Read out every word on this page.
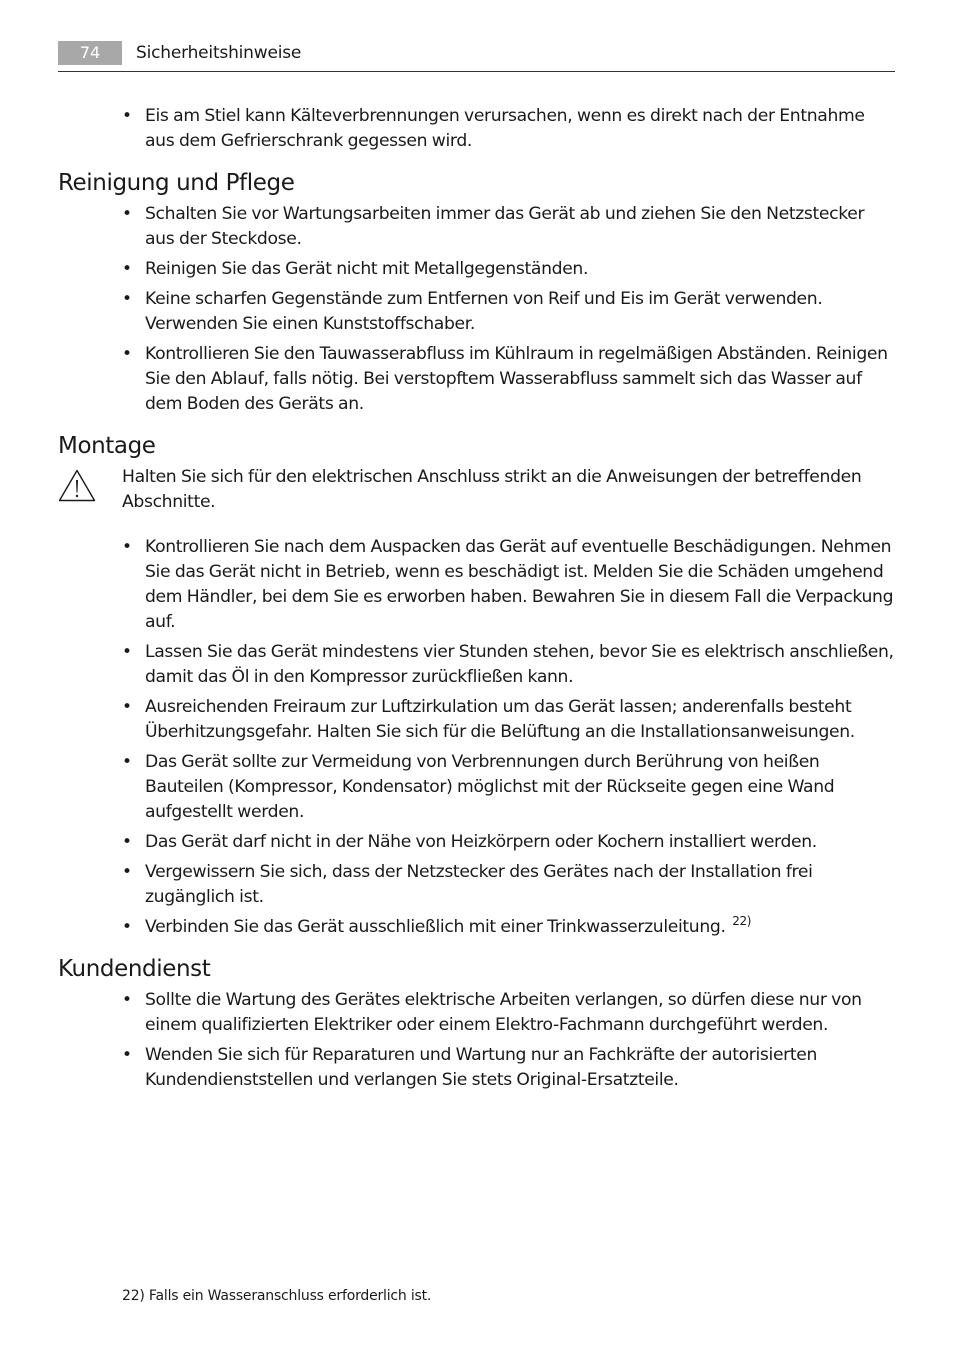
74	Sicherheitshinweise
• Eis am Stiel kann Kälteverbrennungen verursachen, wenn es direkt nach der Entnahme aus dem Gefrierschrank gegessen wird.
Reinigung und Pflege
• Schalten Sie vor Wartungsarbeiten immer das Gerät ab und ziehen Sie den Netzstecker aus der Steckdose.
• Reinigen Sie das Gerät nicht mit Metallgegenständen.
• Keine scharfen Gegenstände zum Entfernen von Reif und Eis im Gerät verwenden. Verwenden Sie einen Kunststoffschaber.
• Kontrollieren Sie den Tauwasserabfluss im Kühlraum in regelmäßigen Abständen. Reinigen Sie den Ablauf, falls nötig. Bei verstopftem Wasserabfluss sammelt sich das Wasser auf dem Boden des Geräts an.
Montage
Halten Sie sich für den elektrischen Anschluss strikt an die Anweisungen der betreffenden Abschnitte.
• Kontrollieren Sie nach dem Auspacken das Gerät auf eventuelle Beschädigungen. Nehmen Sie das Gerät nicht in Betrieb, wenn es beschädigt ist. Melden Sie die Schäden umgehend dem Händler, bei dem Sie es erworben haben. Bewahren Sie in diesem Fall die Verpackung auf.
• Lassen Sie das Gerät mindestens vier Stunden stehen, bevor Sie es elektrisch anschließen, damit das Öl in den Kompressor zurückfließen kann.
• Ausreichenden Freiraum zur Luftzirkulation um das Gerät lassen; anderenfalls besteht Überhitzungsgefahr. Halten Sie sich für die Belüftung an die Installationsanweisungen.
• Das Gerät sollte zur Vermeidung von Verbrennungen durch Berührung von heißen Bauteilen (Kompressor, Kondensator) möglichst mit der Rückseite gegen eine Wand aufgestellt werden.
• Das Gerät darf nicht in der Nähe von Heizkörpern oder Kochern installiert werden.
• Vergewissern Sie sich, dass der Netzstecker des Gerätes nach der Installation frei zugänglich ist.
• Verbinden Sie das Gerät ausschließlich mit einer Trinkwasserzuleitung. $^{22)}$
Kundendienst
• Sollte die Wartung des Gerätes elektrische Arbeiten verlangen, so dürfen diese nur von einem qualifizierten Elektriker oder einem Elektro-Fachmann durchgeführt werden.
• Wenden Sie sich für Reparaturen und Wartung nur an Fachkräfte der autorisierten Kundendienststellen und verlangen Sie stets Original-Ersatzteile.
22) Falls ein Wasseranschluss erforderlich ist.
